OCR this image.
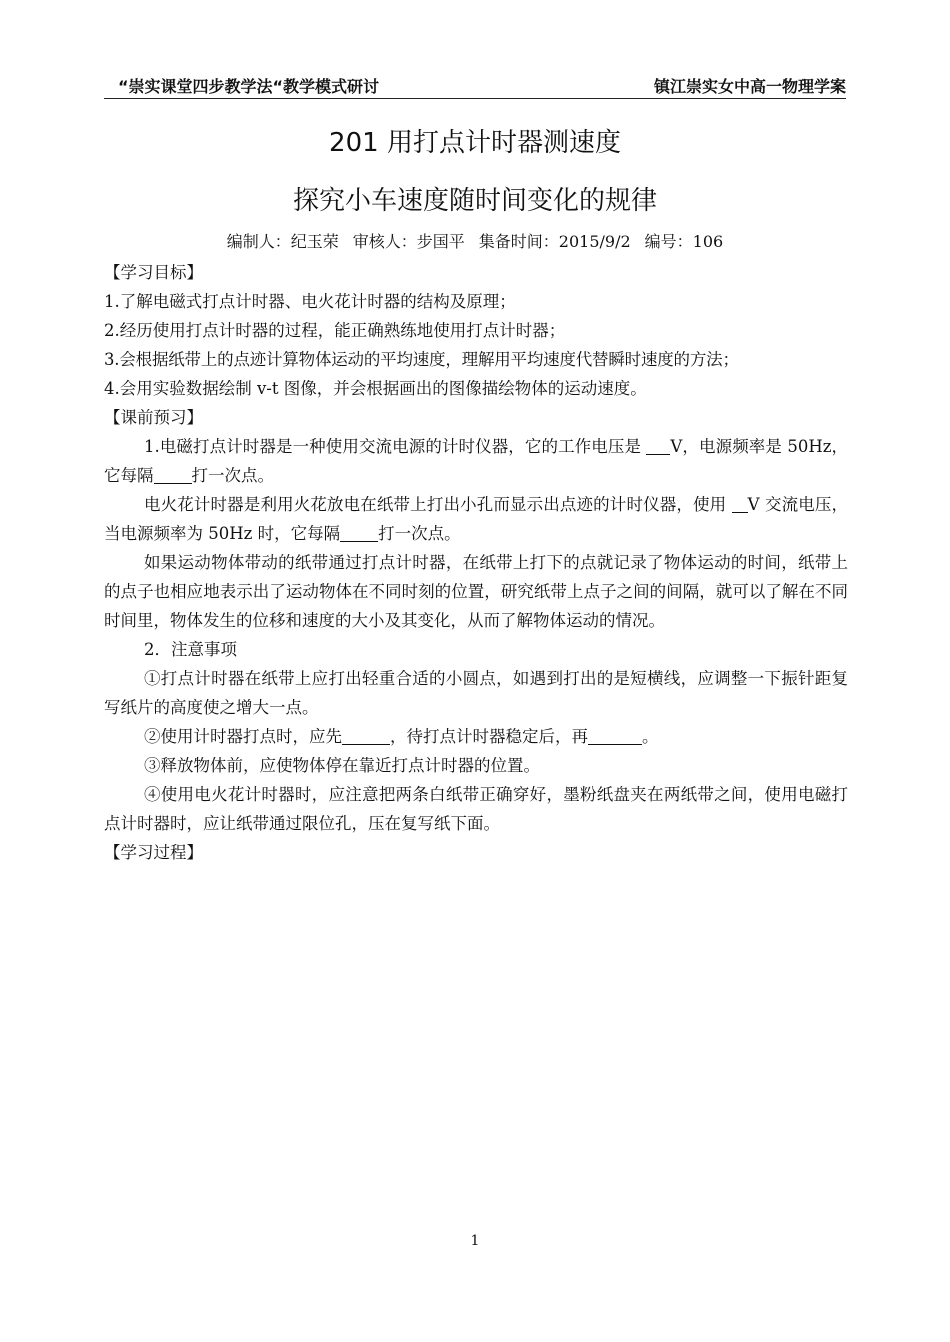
“崇实课堂四步教学法“教学模式研讨	镇江崇实女中高一物理学案
201 用打点计时器测速度
探究小车速度随时间变化的规律
编制人：纪玉荣 审核人：步国平 集备时间：2015/9/2 编号：106
【学习目标】
1.了解电磁式打点计时器、电火花计时器的结构及原理；
2.经历使用打点计时器的过程，能正确熟练地使用打点计时器；
3.会根据纸带上的点迹计算物体运动的平均速度，理解用平均速度代替瞬时速度的方法；
4.会用实验数据绘制 v-t 图像，并会根据画出的图像描绘物体的运动速度。
【课前预习】
1.电磁打点计时器是一种使用交流电源的计时仪器，它的工作电压是 V，电源频率是 50Hz，它每隔 打一次点。
电火花计时器是利用火花放电在纸带上打出小孔而显示出点迹的计时仪器，使用 V 交流电压，当电源频率为 50Hz 时，它每隔 打一次点。
如果运动物体带动的纸带通过打点计时器，在纸带上打下的点就记录了物体运动的时间，纸带上的点子也相应地表示出了运动物体在不同时刻的位置，研究纸带上点子之间的间隔，就可以了解在不同时间里，物体发生的位移和速度的大小及其变化，从而了解物体运动的情况。
2．注意事项
①打点计时器在纸带上应打出轻重合适的小圆点，如遇到打出的是短横线，应调整一下振针距复写纸片的高度使之增大一点。
②使用计时器打点时，应先	，待打点计时器稳定后，再	。
③释放物体前，应使物体停在靠近打点计时器的位置。
④使用电火花计时器时，应注意把两条白纸带正确穿好，墨粉纸盘夹在两纸带之间，使用电磁打点计时器时，应让纸带通过限位孔，压在复写纸下面。
【学习过程】
1
